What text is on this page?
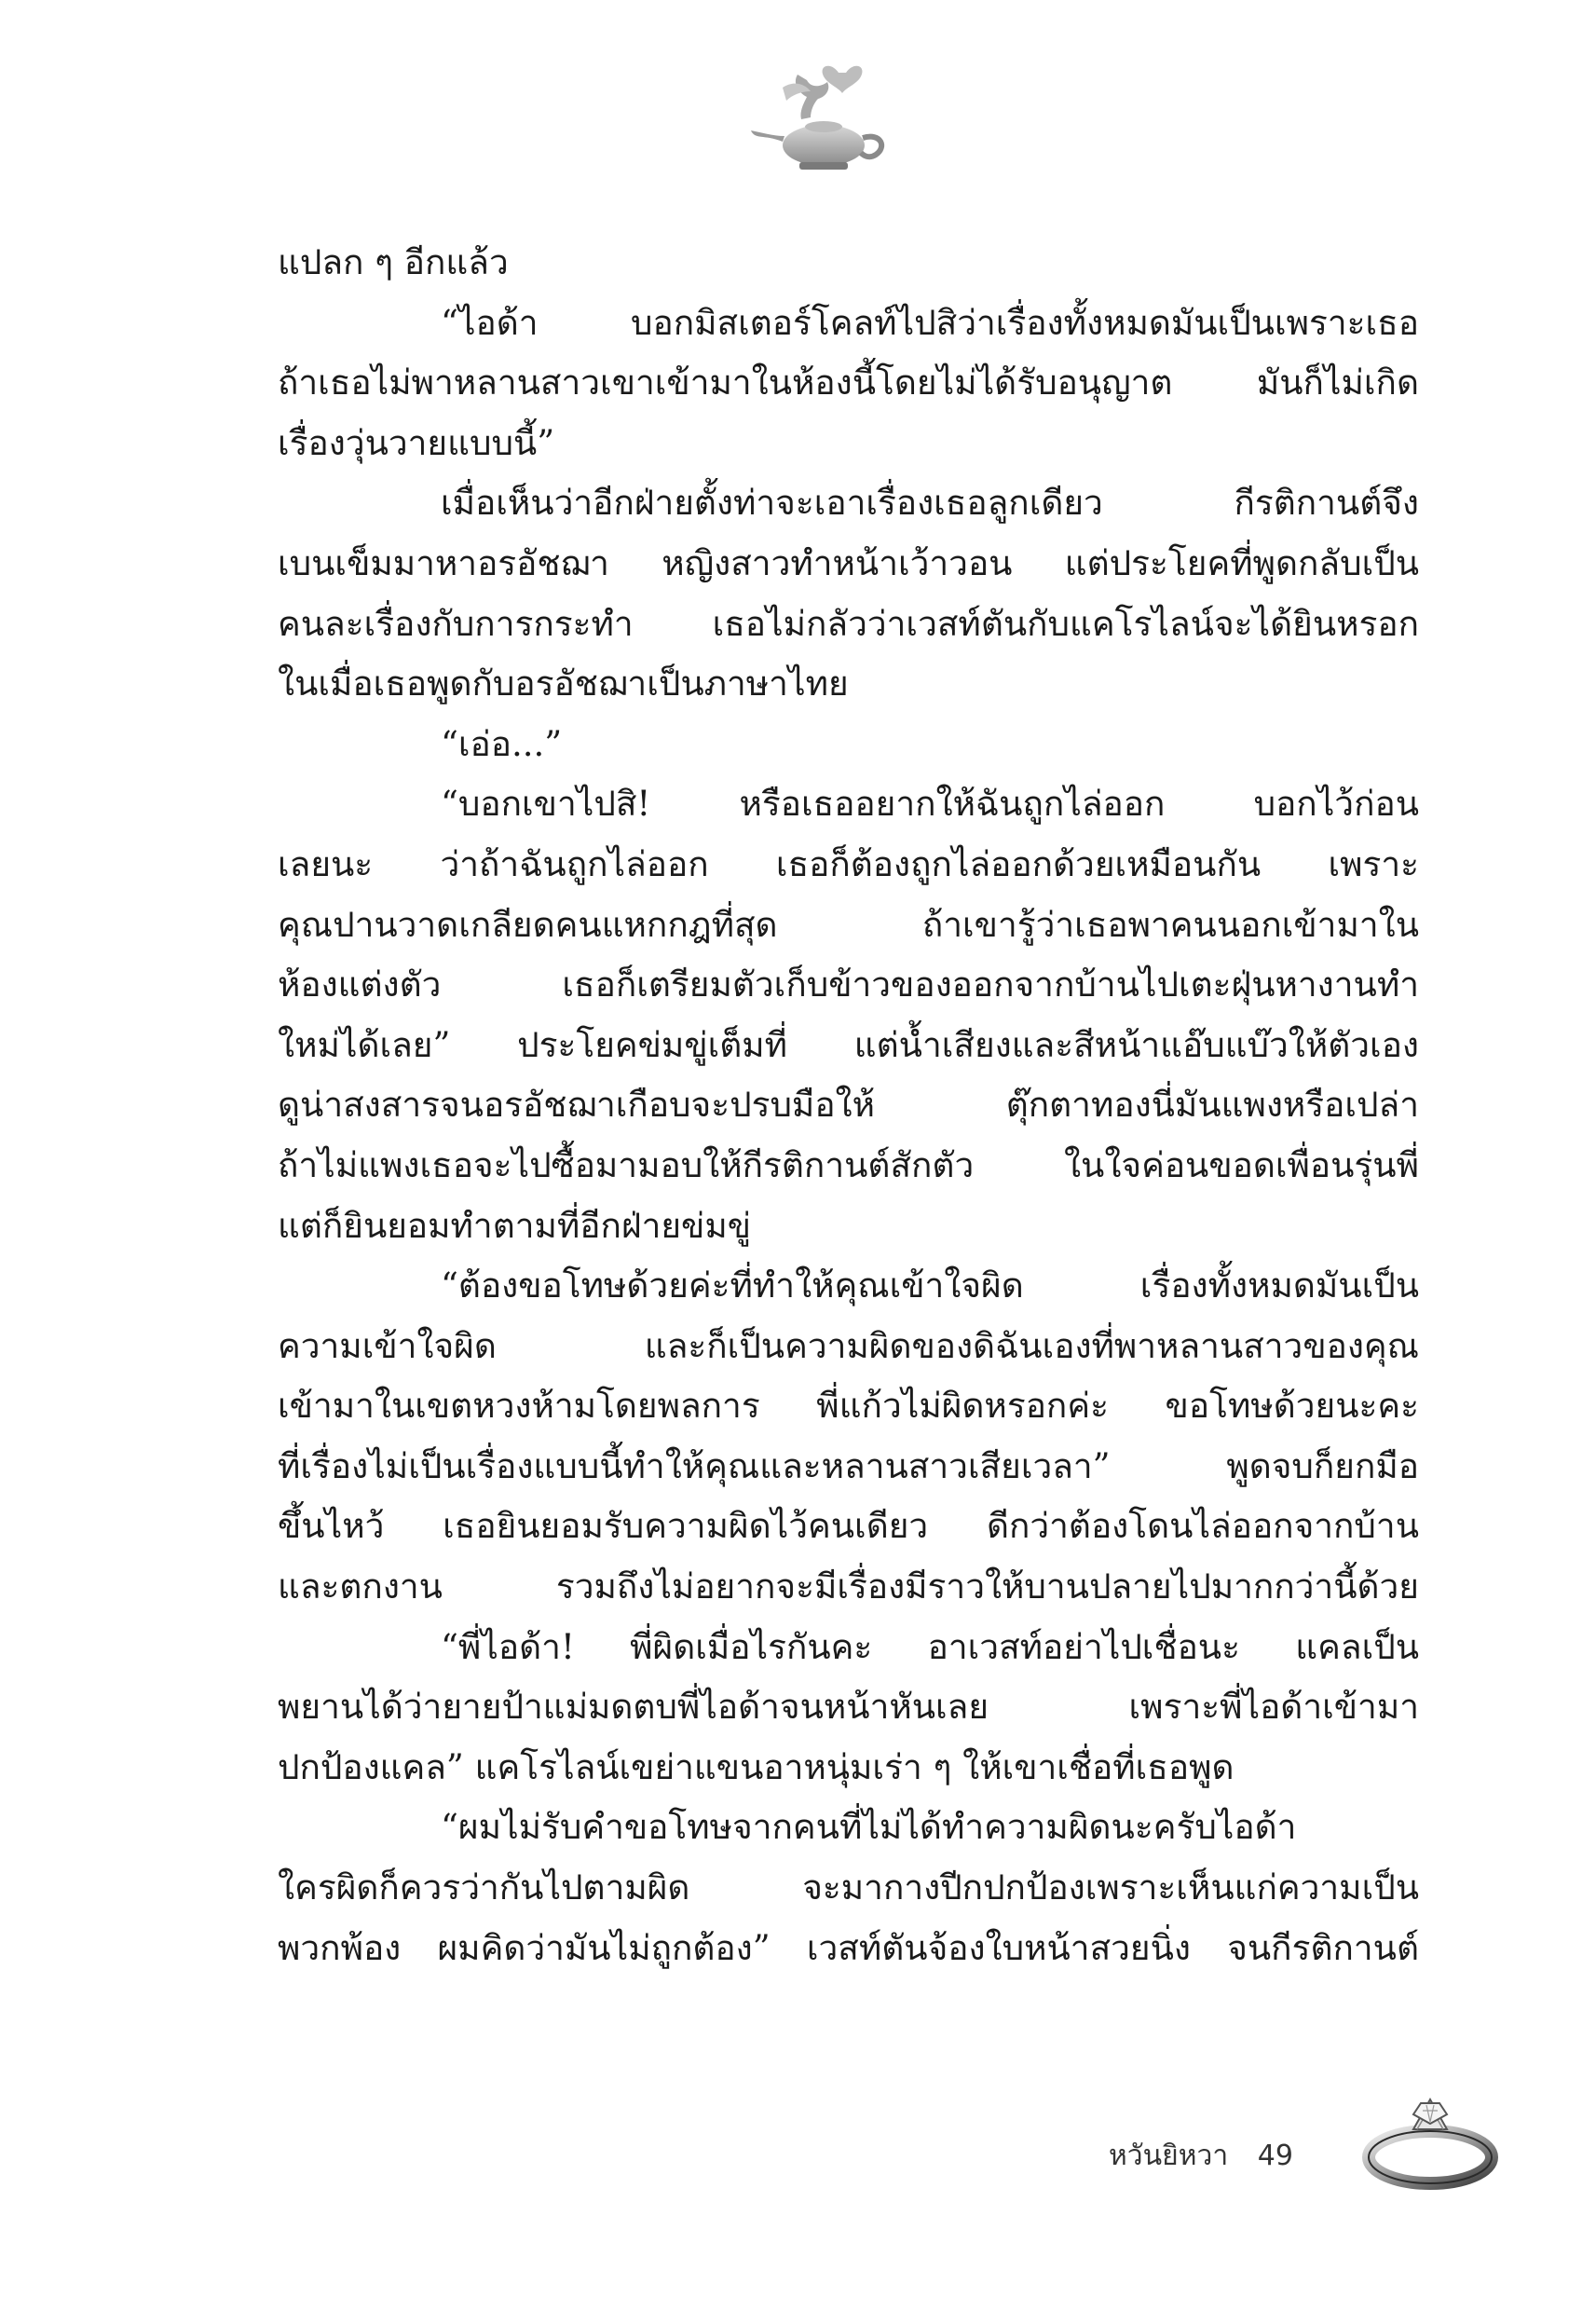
แปลก ๆ อีกแล้ว
“ไอด้า บอกมิสเตอร์โคลท์ไปสิว่าเรื่องทั้งหมดมันเป็นเพราะเธอ
ถ้าเธอไม่พาหลานสาวเขาเข้ามาในห้องนี้โดยไม่ได้รับอนุญาต มันก็ไม่เกิด
เรื่องวุ่นวายแบบนี้”
เมื่อเห็นว่าอีกฝ่ายตั้งท่าจะเอาเรื่องเธอลูกเดียว กีรติกานต์จึง
เบนเข็มมาหาอรอัชฌา หญิงสาวทำหน้าเว้าวอน แต่ประโยคที่พูดกลับเป็น
คนละเรื่องกับการกระทำ เธอไม่กลัวว่าเวสท์ตันกับแคโรไลน์จะได้ยินหรอก
ในเมื่อเธอพูดกับอรอัชฌาเป็นภาษาไทย
“เอ่อ...”
“บอกเขาไปสิ! หรือเธออยากให้ฉันถูกไล่ออก บอกไว้ก่อน
เลยนะ ว่าถ้าฉันถูกไล่ออก เธอก็ต้องถูกไล่ออกด้วยเหมือนกัน เพราะ
คุณปานวาดเกลียดคนแหกกฎที่สุด ถ้าเขารู้ว่าเธอพาคนนอกเข้ามาใน
ห้องแต่งตัว เธอก็เตรียมตัวเก็บข้าวของออกจากบ้านไปเตะฝุ่นหางานทำ
ใหม่ได้เลย” ประโยคข่มขู่เต็มที่ แต่น้ำเสียงและสีหน้าแอ๊บแบ๊วให้ตัวเอง
ดูน่าสงสารจนอรอัชฌาเกือบจะปรบมือให้ ตุ๊กตาทองนี่มันแพงหรือเปล่า
ถ้าไม่แพงเธอจะไปซื้อมามอบให้กีรติกานต์สักตัว ในใจค่อนขอดเพื่อนรุ่นพี่
แต่ก็ยินยอมทำตามที่อีกฝ่ายข่มขู่
“ต้องขอโทษด้วยค่ะที่ทำให้คุณเข้าใจผิด เรื่องทั้งหมดมันเป็น
ความเข้าใจผิด และก็เป็นความผิดของดิฉันเองที่พาหลานสาวของคุณ
เข้ามาในเขตหวงห้ามโดยพลการ พี่แก้วไม่ผิดหรอกค่ะ ขอโทษด้วยนะคะ
ที่เรื่องไม่เป็นเรื่องแบบนี้ทำให้คุณและหลานสาวเสียเวลา” พูดจบก็ยกมือ
ขึ้นไหว้ เธอยินยอมรับความผิดไว้คนเดียว ดีกว่าต้องโดนไล่ออกจากบ้าน
และตกงาน รวมถึงไม่อยากจะมีเรื่องมีราวให้บานปลายไปมากกว่านี้ด้วย
“พี่ไอด้า! พี่ผิดเมื่อไรกันคะ อาเวสท์อย่าไปเชื่อนะ แคลเป็น
พยานได้ว่ายายป้าแม่มดตบพี่ไอด้าจนหน้าหันเลย เพราะพี่ไอด้าเข้ามา
ปกป้องแคล” แคโรไลน์เขย่าแขนอาหนุ่มเร่า ๆ ให้เขาเชื่อที่เธอพูด
“ผมไม่รับคำขอโทษจากคนที่ไม่ได้ทำความผิดนะครับไอด้า
ใครผิดก็ควรว่ากันไปตามผิด จะมากางปีกปกป้องเพราะเห็นแก่ความเป็น
พวกพ้อง ผมคิดว่ามันไม่ถูกต้อง” เวสท์ตันจ้องใบหน้าสวยนิ่ง จนกีรติกานต์
หวันยิหวา 49
